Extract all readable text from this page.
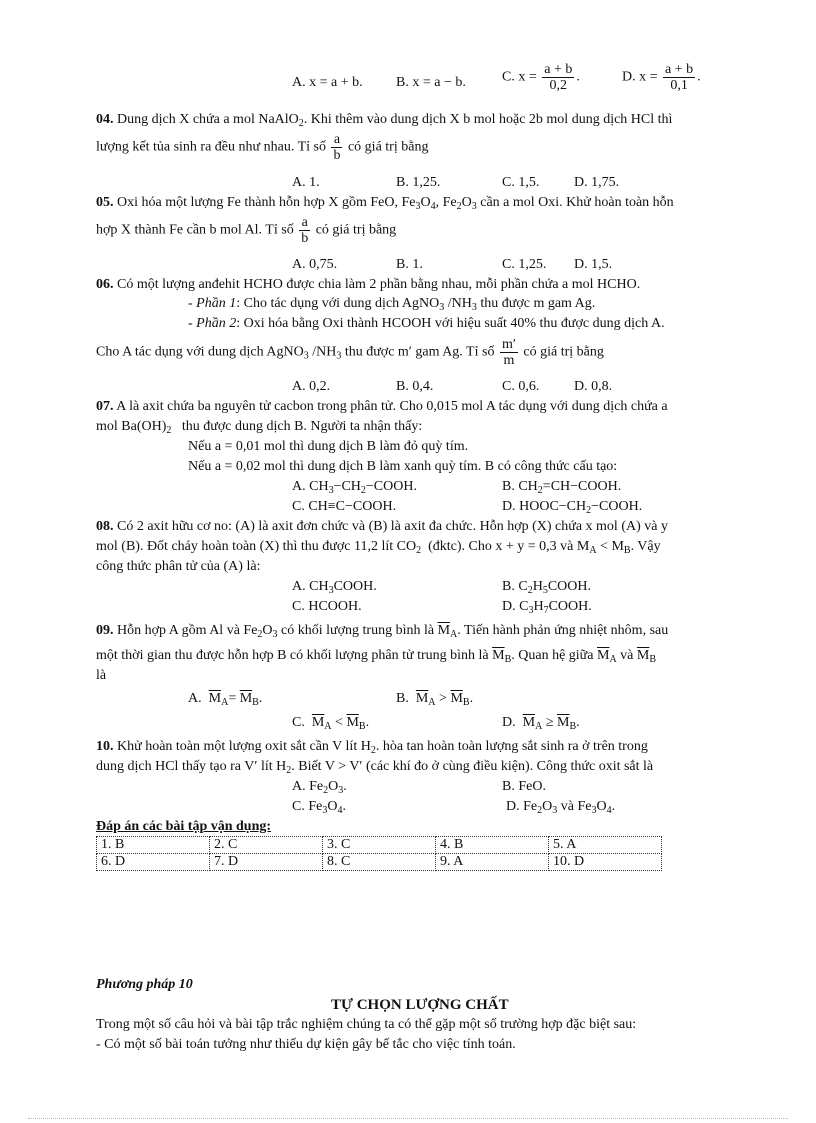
A. x = a + b. B. x = a − b.	C. $x = \frac{a + b}{0,2}$ .	D. $x = \frac{a + b}{0,1}$ .
04. Dung dịch X chứa a mol NaAlO$_2$. Khi thêm vào dung dịch X b mol hoặc 2b mol dung dịch HCl thì
lượng kết tủa sinh ra đều như nhau. Tỉ số $\frac{a}{b}$ có giá trị bằng
A. 1.	B. 1,25.	C. 1,5. D. 1,75.
05. Oxi hóa một lượng Fe thành hỗn hợp X gồm FeO, $Fe_3O_4$, $Fe_2O_3$ cần a mol Oxi. Khử hoàn toàn hỗn
hợp X thành Fe cần b mol Al. Tỉ số $\frac{a}{b}$ có giá trị bằng
A. 0,75.	B. 1.	C. 1,25. D. 1,5.
06. Có một lượng anđehit HCHO được chia làm 2 phần bằng nhau, mỗi phần chứa a mol HCHO.
- Phần 1: Cho tác dụng với dung dịch AgNO$_3$ $/NH_3$ thu được m gam Ag.
- Phần 2: Oxi hóa bằng Oxi thành HCOOH với hiệu suất 40% thu được dung dịch A.
Cho A tác dụng với dung dịch AgNO$_3$ $/NH_3$ thu được m′ gam Ag. Tỉ số $\frac{m'}{m}$ có giá trị bằng
A. 0,2.	B. 0,4.	C. 0,6. D. 0,8.
07. A là axit chứa ba nguyên tử cacbon trong phân tử. Cho 0,015 mol A tác dụng với dung dịch chứa a
mol $Ba(OH)_2$   thu được dung dịch B. Người ta nhận thấy:
Nếu a = 0,01 mol thì dung dịch B làm đỏ quỳ tím.
Nếu a = 0,02 mol thì dung dịch B làm xanh quỳ tím. B có công thức cấu tạo:
A. $CH_3-CH_2-COOH$.	B. $CH_2=CH-COOH$.
C. CH≡C−COOH.	D. $HOOC-CH_2-COOH$.
08. Có 2 axit hữu cơ no: (A) là axit đơn chức và (B) là axit đa chức. Hỗn hợp (X) chứa x mol (A) và y
mol (B). Đốt cháy hoàn toàn (X) thì thu được 11,2 lít $CO_2$  (đktc). Cho x + y = 0,3 và $M_A < M_B$. Vậy
công thức phân tử của (A) là:
A. $CH_3COOH$.	B. $C_2H_5COOH$.
C. HCOOH.	D. $C_3H_7COOH$.
09. Hỗn hợp A gồm Al và $Fe_2O_3$ có khối lượng trung bình là $\overline{M}_A$. Tiến hành phản ứng nhiệt nhôm, sau
một thời gian thu được hỗn hợp B có khối lượng phân tử trung bình là $\overline{M}_B$. Quan hệ giữa $\overline{M}_A$ và $\overline{M}_B$
là
A. $\overline{M}_A= \overline{M}_B$.	B. $\overline{M}_A > \overline{M}_B$.
C. $\overline{M}_A < \overline{M}_B$.	D. $\overline{M}_A \ge \overline{M}_B$.
10. Khử hoàn toàn một lượng oxit sắt cần V lít $H_2$. hòa tan hoàn toàn lượng sắt sinh ra ở trên trong
dung dịch HCl thấy tạo ra V′ lít $H_2$. Biết V > V′ (các khí đo ở cùng điều kiện). Công thức oxit sắt là
A. $Fe_2O_3$.	B. FeO.
C. $Fe_3O_4$.	D. $Fe_2O_3$ và $Fe_3O_4$.
Đáp án các bài tập vận dụng:
1. B	2. C	3. C	4. B	5. A
6. D	7. D	8. C	9. A	10. D
Phương pháp 10
TỰ CHỌN LƯỢNG CHẤT
Trong một số câu hỏi và bài tập trắc nghiệm chúng ta có thể gặp một số trường hợp đặc biệt sau:
- Có một số bài toán tưởng như thiếu dự kiện gây bế tắc cho việc tính toán.
